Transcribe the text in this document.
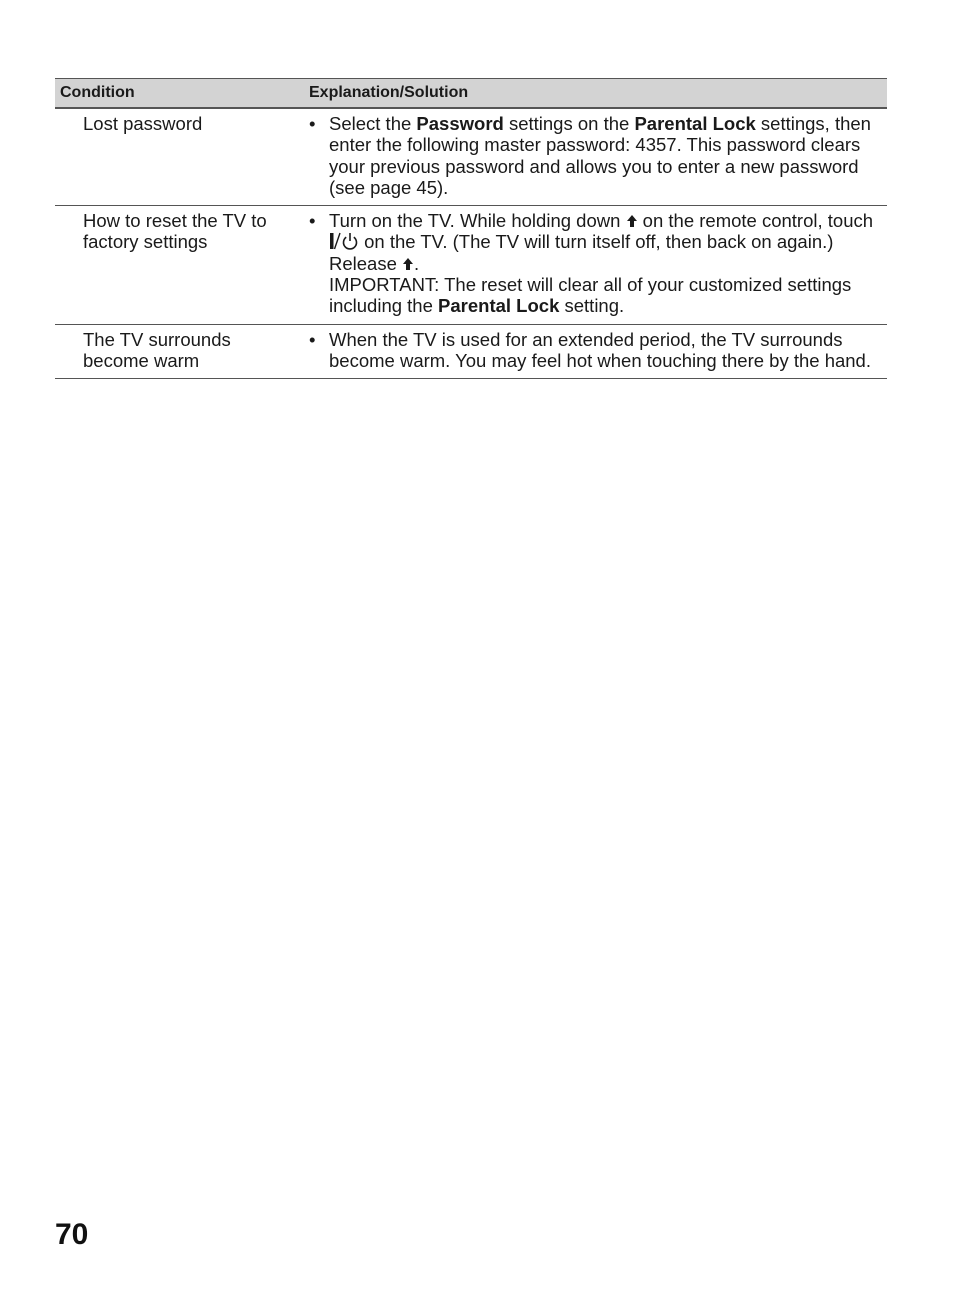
Condition	Explanation/Solution
Lost password	• Select the Password settings on the Parental Lock settings, then enter the following master password: 4357. This password clears your previous password and allows you to enter a new password (see page 45).
How to reset the TV to factory settings
• Turn on the TV. While holding down  on the remote control, touch  on the TV. (The TV will turn itself off, then back on again.) Release .
IMPORTANT: The reset will clear all of your customized settings including the Parental Lock setting.
The TV surrounds become warm
• When the TV is used for an extended period, the TV surrounds become warm. You may feel hot when touching there by the hand.
70
